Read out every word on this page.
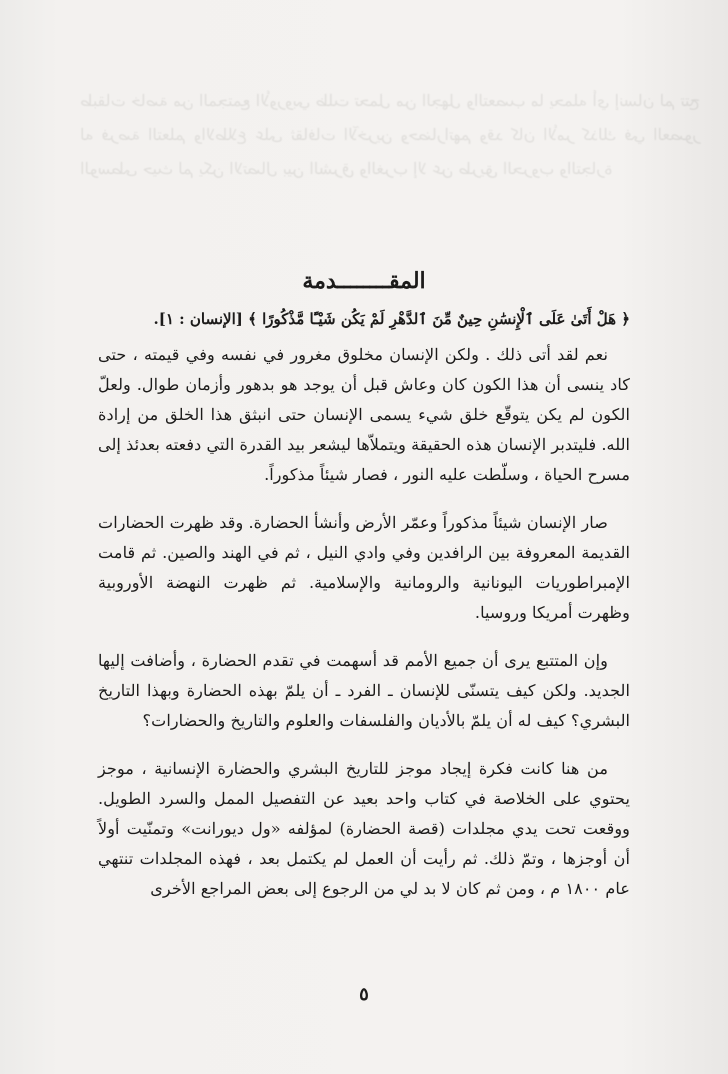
طبقات خاصة من المجتمع الأوروبي ظلت تحمل من الجهل والتعصب ما يحمله أي إنسان لم تتح له فرصة التعلم والاطلاع على ثقافات الآخرين وحضاراتهم وقد كان الأمر كذلك في العصور الوسطى حيث لم يكن الاتصال بين الشرق والغرب إلا عن طريق الحروب والتجارة
المقــــــــدمة

﴿ هَلْ أَتَىٰ عَلَى ٱلْإِنسَٰنِ حِينٌ مِّنَ ٱلدَّهْرِ لَمْ يَكُن شَيْـًٔا مَّذْكُورًا ﴾ [الإنسان : ١].

نعم لقد أتى ذلك . ولكن الإنسان مخلوق مغرور في نفسه وفي قيمته ، حتى كاد ينسى أن هذا الكون كان وعاش قبل أن يوجد هو بدهور وأزمان طوال. ولعلّ الكون لم يكن يتوقّع خلق شيء يسمى الإنسان حتى انبثق هذا الخلق من إرادة الله. فليتدبر الإنسان هذه الحقيقة ويتملاّها ليشعر بيد القدرة التي دفعته بعدئذ إلى مسرح الحياة ، وسلّطت عليه النور ، فصار شيئاً مذكوراً.

صار الإنسان شيئاً مذكوراً وعمّر الأرض وأنشأ الحضارة. وقد ظهرت الحضارات القديمة المعروفة بين الرافدين وفي وادي النيل ، ثم في الهند والصين. ثم قامت الإمبراطوريات اليونانية والرومانية والإسلامية. ثم ظهرت النهضة الأوروبية وظهرت أمريكا وروسيا.

وإن المتتبع يرى أن جميع الأمم قد أسهمت في تقدم الحضارة ، وأضافت إليها الجديد. ولكن كيف يتسنّى للإنسان ـ الفرد ـ أن يلمّ بهذه الحضارة وبهذا التاريخ البشري؟ كيف له أن يلمّ بالأديان والفلسفات والعلوم والتاريخ والحضارات؟

من هنا كانت فكرة إيجاد موجز للتاريخ البشري والحضارة الإنسانية ، موجز يحتوي على الخلاصة في كتاب واحد بعيد عن التفصيل الممل والسرد الطويل. ووقعت تحت يدي مجلدات (قصة الحضارة) لمؤلفه «ول ديورانت» وتمنّيت أولاً أن أوجزها ، وتمّ ذلك. ثم رأيت أن العمل لم يكتمل بعد ، فهذه المجلدات تنتهي عام ١٨٠٠ م ، ومن ثم كان لا بد لي من الرجوع إلى بعض المراجع الأخرى

٥
